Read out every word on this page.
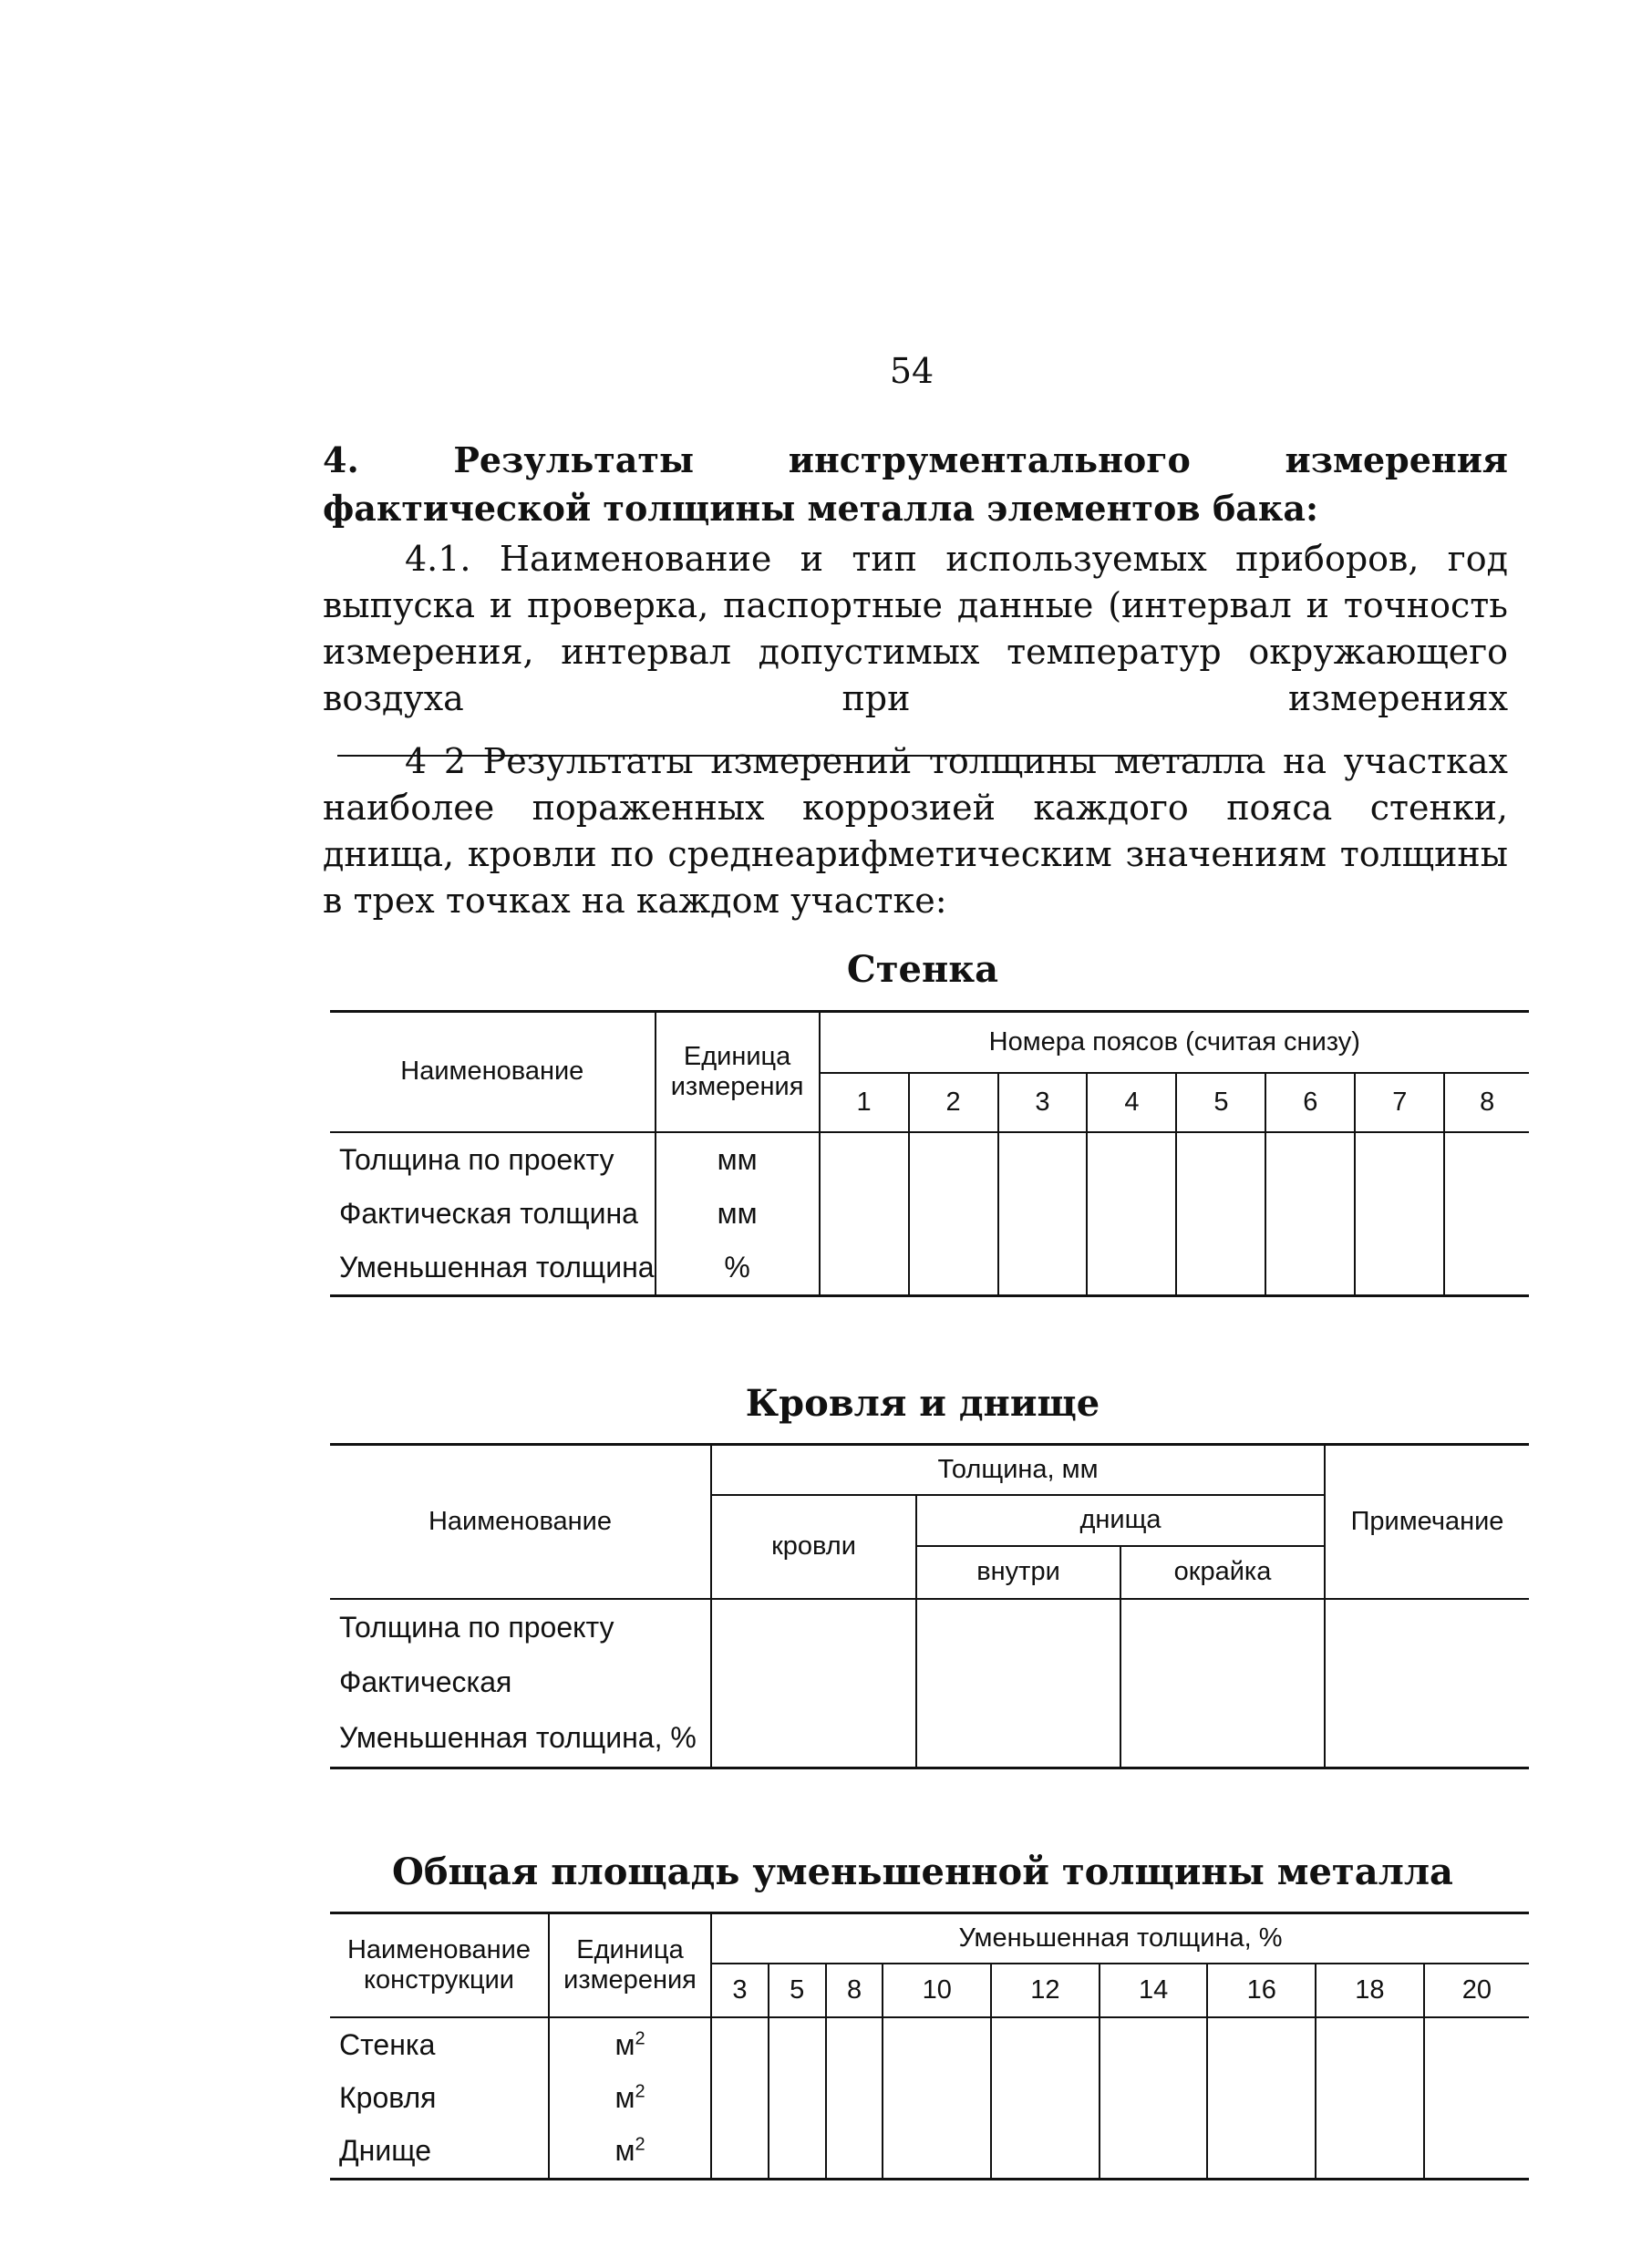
54
4. Результаты инструментального измерения фактической толщины металла элементов бака:
4.1. Наименование и тип используемых приборов, год выпуска и проверка, паспортные данные (интервал и точность измерения, интервал допустимых температур окружающего воздуха при измерениях
4 2 Результаты измерений толщины металла на участках наиболее пораженных коррозией каждого пояса стенки, днища, кровли по среднеарифметическим значениям толщины в трех точках на каждом участке:
Стенка
Наименование	Единица измерения	Номера поясов (считая снизу)							
		1	2	3	4	5	6	7	8
Толщина по проекту	мм								
Фактическая толщина	мм								
Уменьшенная толщина	%								
Кровля и днище
Наименование	Толщина, мм			Примечание
	кровли	днища		
		внутри	окрайка	
Толщина по проекту				
Фактическая				
Уменьшенная толщина, %				
Общая площадь уменьшенной толщины металла
Наименование конструкции	Единица измерения	Уменьшенная толщина, %								
		3	5	8	10	12	14	16	18	20
Стенка	$м^2$									
Кровля	$м^2$									
Днище	$м^2$									
